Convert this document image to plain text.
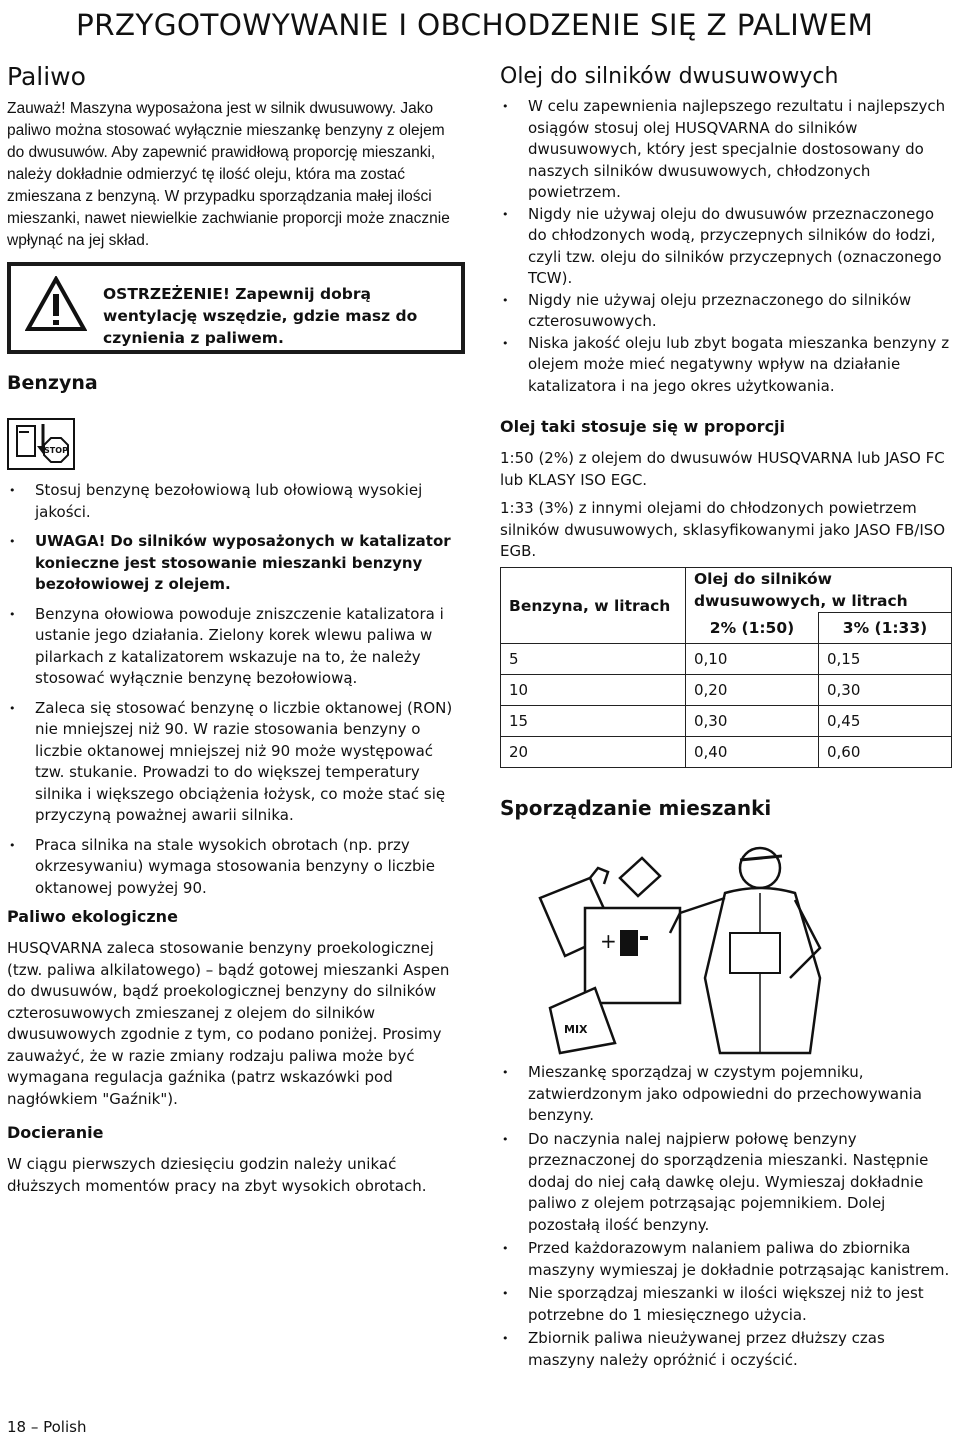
PRZYGOTOWYWANIE I OBCHODZENIE SIĘ Z PALIWEM
Paliwo

Zauważ! Maszyna wyposażona jest w silnik dwusuwowy. Jako paliwo można stosować wyłącznie mieszankę benzyny z olejem do dwusuwów. Aby zapewnić prawidłową proporcję mieszanki, należy dokładnie odmierzyć tę ilość oleju, która ma zostać zmieszana z benzyną. W przypadku sporządzania małej ilości mieszanki, nawet niewielkie zachwianie proporcji może znacznie wpłynąć na jej skład.

OSTRZEŻENIE! Zapewnij dobrą wentylację wszędzie, gdzie masz do czynienia z paliwem.
Benzyna
STOP
• Stosuj benzynę bezołowiową lub ołowiową wysokiej jakości.
• UWAGA! Do silników wyposażonych w katalizator konieczne jest stosowanie mieszanki benzyny bezołowiowej z olejem.
• Benzyna ołowiowa powoduje zniszczenie katalizatora i ustanie jego działania. Zielony korek wlewu paliwa w pilarkach z katalizatorem wskazuje na to, że należy stosować wyłącznie benzynę bezołowiową.
• Zaleca się stosować benzynę o liczbie oktanowej (RON) nie mniejszej niż 90. W razie stosowania benzyny o liczbie oktanowej mniejszej niż 90 może występować tzw. stukanie. Prowadzi to do większej temperatury silnika i większego obciążenia łożysk, co może stać się przyczyną poważnej awarii silnika.
• Praca silnika na stale wysokich obrotach (np. przy okrzesywaniu) wymaga stosowania benzyny o liczbie oktanowej powyżej 90.
Paliwo ekologiczne

HUSQVARNA zaleca stosowanie benzyny proekologicznej (tzw. paliwa alkilatowego) – bądź gotowej mieszanki Aspen do dwusuwów, bądź proekologicznej benzyny do silników czterosuwowych zmieszanej z olejem do silników dwusuwowych zgodnie z tym, co podano poniżej. Prosimy zauważyć, że w razie zmiany rodzaju paliwa może być wymagana regulacja gaźnika (patrz wskazówki pod nagłówkiem "Gaźnik").

Docieranie

W ciągu pierwszych dziesięciu godzin należy unikać dłuższych momentów pracy na zbyt wysokich obrotach.

Olej do silników dwusuwowych
• W celu zapewnienia najlepszego rezultatu i najlepszych osiągów stosuj olej HUSQVARNA do silników dwusuwowych, który jest specjalnie dostosowany do naszych silników dwusuwowych, chłodzonych powietrzem.
• Nigdy nie używaj oleju do dwusuwów przeznaczonego do chłodzonych wodą, przyczepnych silników do łodzi, czyli tzw. oleju do silników przyczepnych (oznaczonego TCW).
• Nigdy nie używaj oleju przeznaczonego do silników czterosuwowych.
• Niska jakość oleju lub zbyt bogata mieszanka benzyny z olejem może mieć negatywny wpływ na działanie katalizatora i na jego okres użytkowania.
Olej taki stosuje się w proporcji

1:50 (2%) z olejem do dwusuwów HUSQVARNA lub JASO FC lub KLASY ISO EGC.

1:33 (3%) z innymi olejami do chłodzonych powietrzem silników dwusuwowych, sklasyfikowanymi jako JASO FB/ISO EGB.

Benzyna, w litrach	Olej do silników dwusuwowych, w litrach	
	2% (1:50)	3% (1:33)
5	0,10	0,15
10	0,20	0,30
15	0,30	0,45
20	0,40	0,60
Sporządzanie mieszanki
+
MIX
• Mieszankę sporządzaj w czystym pojemniku, zatwierdzonym jako odpowiedni do przechowywania benzyny.
• Do naczynia nalej najpierw połowę benzyny przeznaczonej do sporządzenia mieszanki. Następnie dodaj do niej całą dawkę oleju. Wymieszaj dokładnie paliwo z olejem potrząsając pojemnikiem. Dolej pozostałą ilość benzyny.
• Przed każdorazowym nalaniem paliwa do zbiornika maszyny wymieszaj je dokładnie potrząsając kanistrem.
• Nie sporządzaj mieszanki w ilości większej niż to jest potrzebne do 1 miesięcznego użycia.
• Zbiornik paliwa nieużywanej przez dłuższy czas maszyny należy opróżnić i oczyścić.
18 – Polish
